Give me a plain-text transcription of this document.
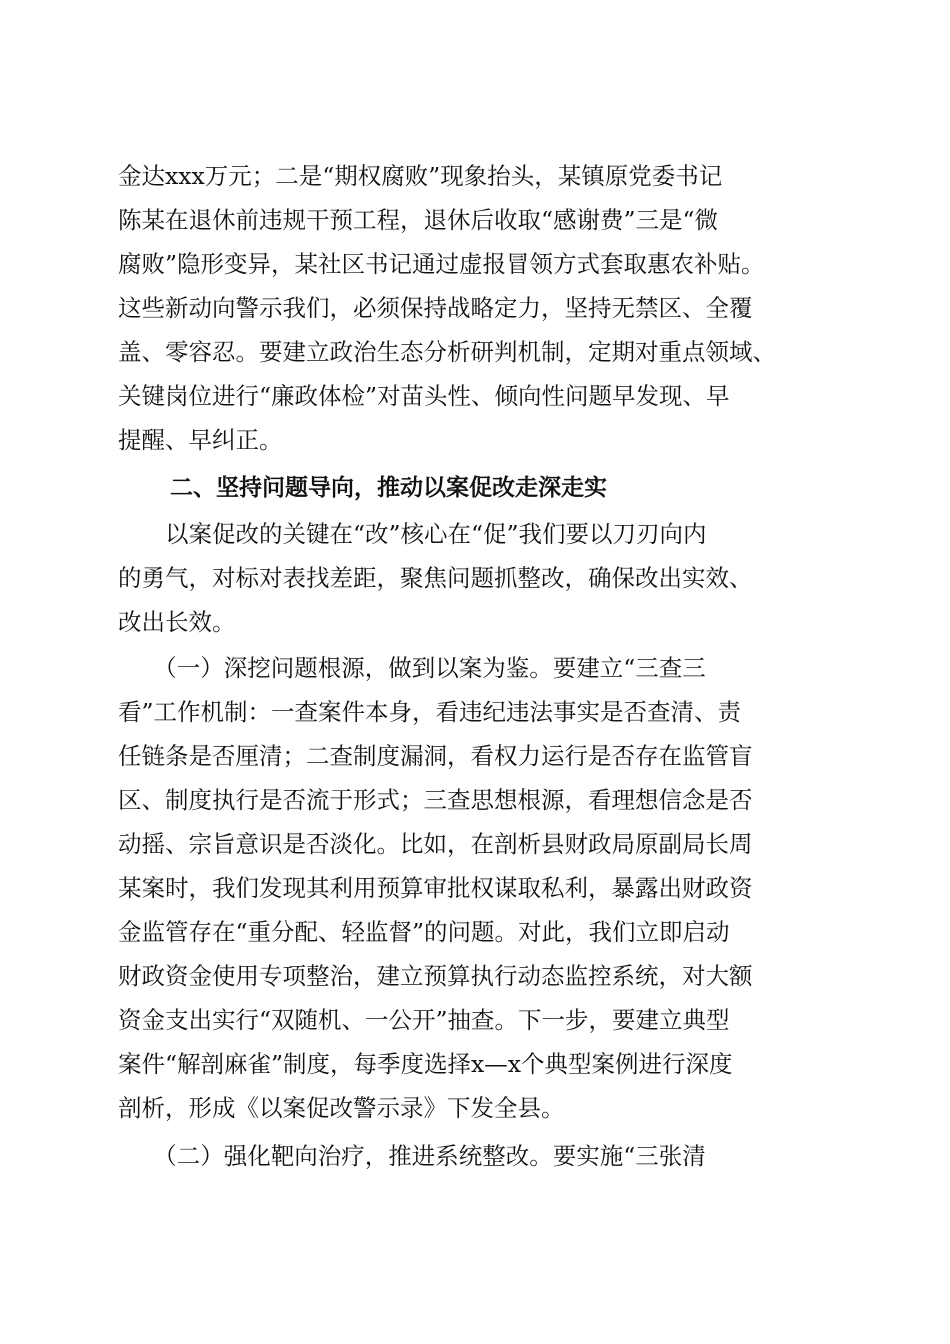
金达xxx万元；二是“期权腐败”现象抬头，某镇原党委书记
陈某在退休前违规干预工程，退休后收取“感谢费”三是“微
腐败”隐形变异，某社区书记通过虚报冒领方式套取惠农补贴。
这些新动向警示我们，必须保持战略定力，坚持无禁区、全覆
盖、零容忍。要建立政治生态分析研判机制，定期对重点领域、
关键岗位进行“廉政体检”对苗头性、倾向性问题早发现、早
提醒、早纠正。
二、坚持问题导向，推动以案促改走深走实
　　以案促改的关键在“改”核心在“促”我们要以刀刃向内
的勇气，对标对表找差距，聚焦问题抓整改，确保改出实效、
改出长效。
　　（一）深挖问题根源，做到以案为鉴。要建立“三查三
看”工作机制：一查案件本身，看违纪违法事实是否查清、责
任链条是否厘清；二查制度漏洞，看权力运行是否存在监管盲
区、制度执行是否流于形式；三查思想根源，看理想信念是否
动摇、宗旨意识是否淡化。比如，在剖析县财政局原副局长周
某案时，我们发现其利用预算审批权谋取私利，暴露出财政资
金监管存在“重分配、轻监督”的问题。对此，我们立即启动
财政资金使用专项整治，建立预算执行动态监控系统，对大额
资金支出实行“双随机、一公开”抽查。下一步，要建立典型
案件“解剖麻雀”制度，每季度选择x—x个典型案例进行深度
剖析，形成《以案促改警示录》下发全县。
　　（二）强化靶向治疗，推进系统整改。要实施“三张清
